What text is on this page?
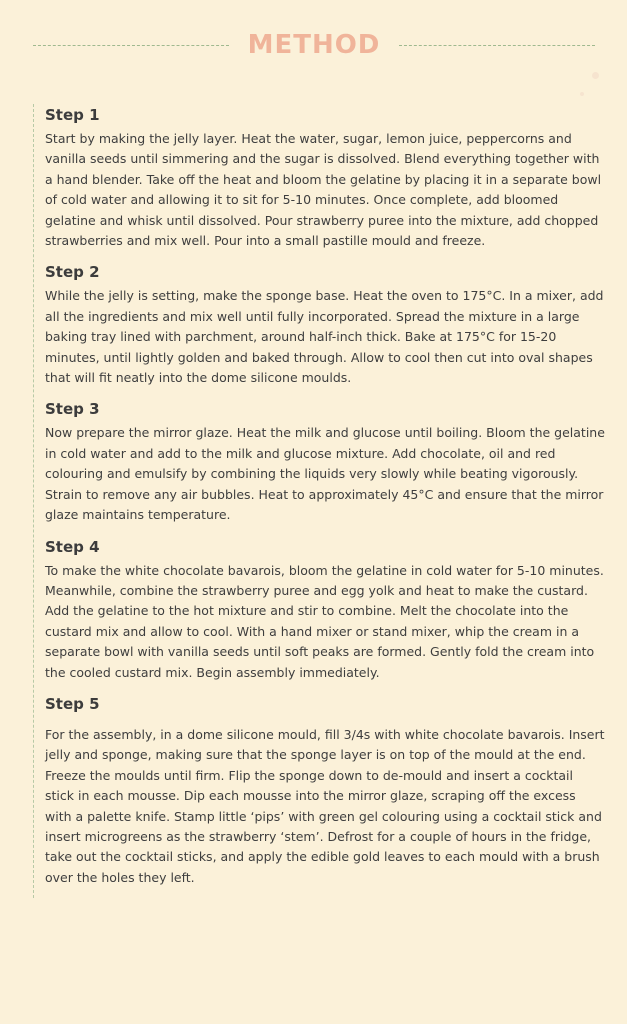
METHOD
Step 1

Start by making the jelly layer. Heat the water, sugar, lemon juice, peppercorns and vanilla seeds until simmering and the sugar is dissolved. Blend everything together with a hand blender. Take off the heat and bloom the gelatine by placing it in a separate bowl of cold water and allowing it to sit for 5-10 minutes. Once complete, add bloomed gelatine and whisk until dissolved. Pour strawberry puree into the mixture, add chopped strawberries and mix well. Pour into a small pastille mould and freeze.

Step 2

While the jelly is setting, make the sponge base. Heat the oven to 175°C. In a mixer, add all the ingredients and mix well until fully incorporated. Spread the mixture in a large baking tray lined with parchment, around half-inch thick. Bake at 175°C for 15-20 minutes, until lightly golden and baked through. Allow to cool then cut into oval shapes that will fit neatly into the dome silicone moulds.

Step 3

Now prepare the mirror glaze. Heat the milk and glucose until boiling. Bloom the gelatine in cold water and add to the milk and glucose mixture. Add chocolate, oil and red colouring and emulsify by combining the liquids very slowly while beating vigorously. Strain to remove any air bubbles. Heat to approximately 45°C and ensure that the mirror glaze maintains temperature.

Step 4

To make the white chocolate bavarois, bloom the gelatine in cold water for 5-10 minutes. Meanwhile, combine the strawberry puree and egg yolk and heat to make the custard. Add the gelatine to the hot mixture and stir to combine. Melt the chocolate into the custard mix and allow to cool. With a hand mixer or stand mixer, whip the cream in a separate bowl with vanilla seeds until soft peaks are formed. Gently fold the cream into the cooled custard mix. Begin assembly immediately.

Step 5

For the assembly, in a dome silicone mould, fill 3/4s with white chocolate bavarois. Insert jelly and sponge, making sure that the sponge layer is on top of the mould at the end. Freeze the moulds until firm. Flip the sponge down to de-mould and insert a cocktail stick in each mousse. Dip each mousse into the mirror glaze, scraping off the excess with a palette knife. Stamp little ‘pips’ with green gel colouring using a cocktail stick and insert microgreens as the strawberry ‘stem’. Defrost for a couple of hours in the fridge, take out the cocktail sticks, and apply the edible gold leaves to each mould with a brush over the holes they left.
